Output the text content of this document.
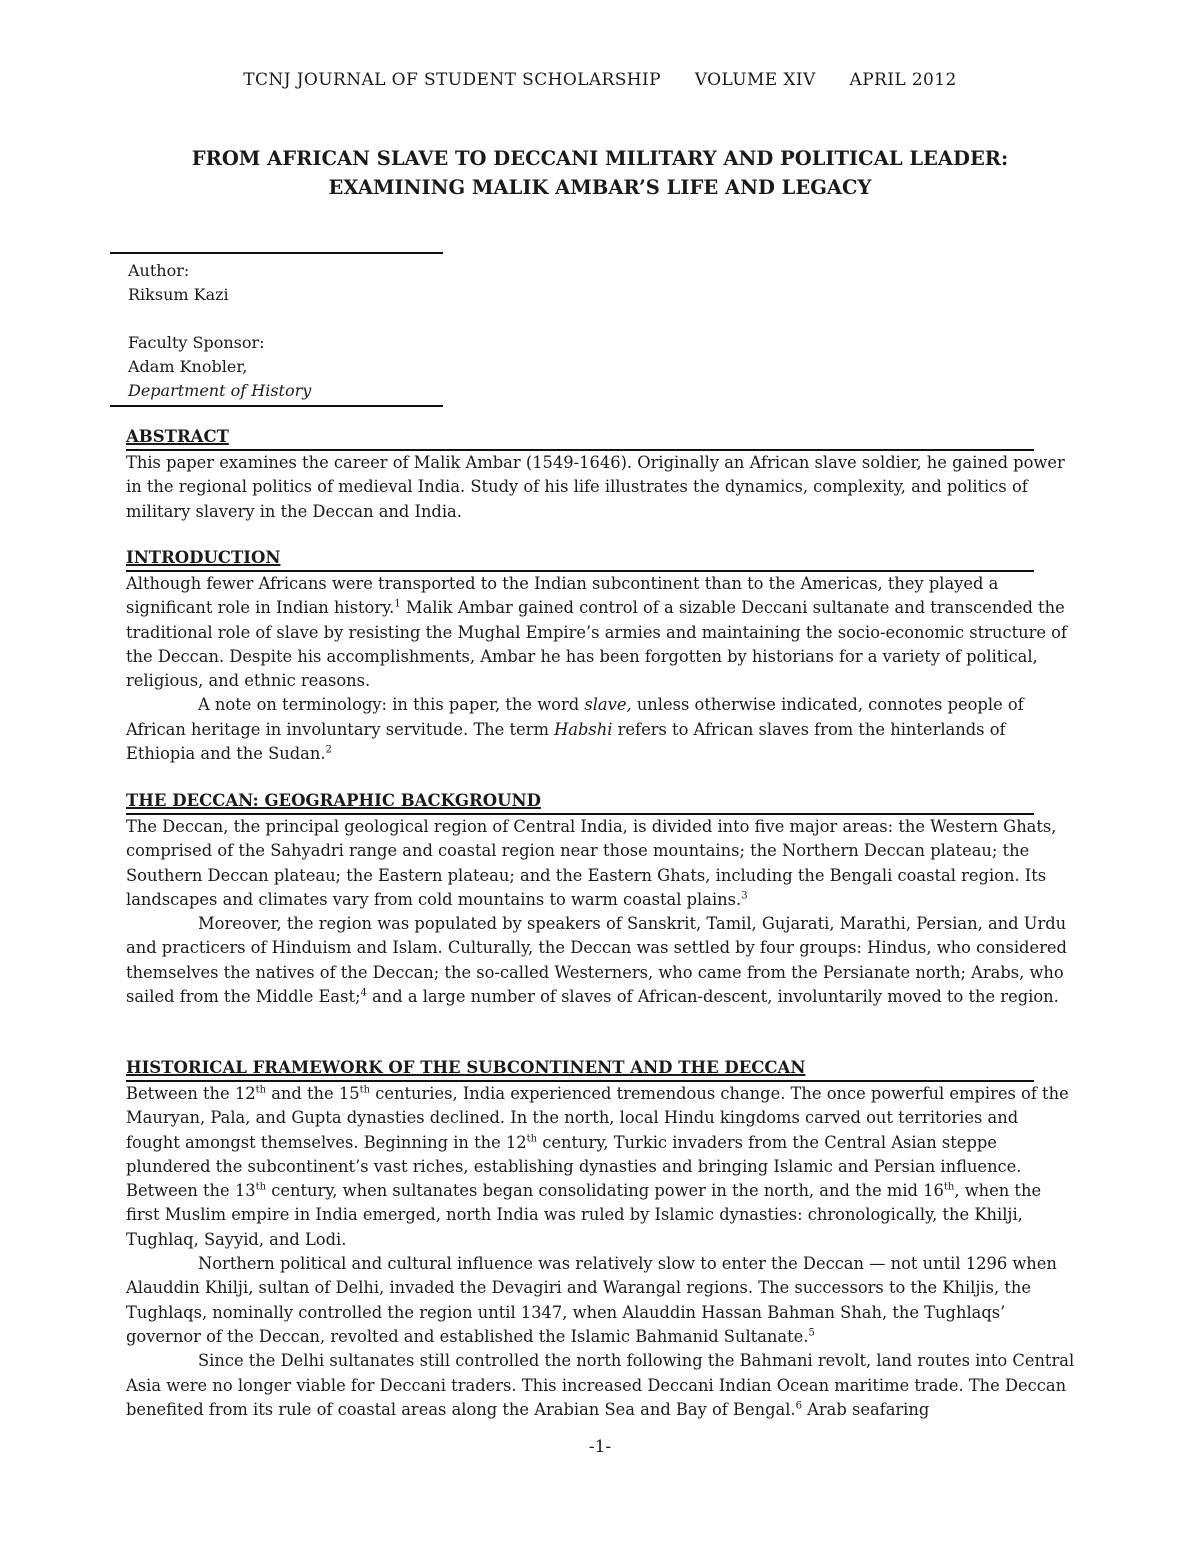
TCNJ JOURNAL OF STUDENT SCHOLARSHIP VOLUME XIV APRIL 2012
FROM AFRICAN SLAVE TO DECCANI MILITARY AND POLITICAL LEADER:
EXAMINING MALIK AMBAR’S LIFE AND LEGACY
Author:
Riksum Kazi
Faculty Sponsor:
Adam Knobler,
Department of History
ABSTRACT

This paper examines the career of Malik Ambar (1549-1646). Originally an African slave soldier, he gained power in the regional politics of medieval India. Study of his life illustrates the dynamics, complexity, and politics of military slavery in the Deccan and India.

INTRODUCTION

Although fewer Africans were transported to the Indian subcontinent than to the Americas, they played a significant role in Indian history.$^1$ Malik Ambar gained control of a sizable Deccani sultanate and transcended the traditional role of slave by resisting the Mughal Empire’s armies and maintaining the socio-economic structure of the Deccan. Despite his accomplishments, Ambar he has been forgotten by historians for a variety of political, religious, and ethnic reasons.

A note on terminology: in this paper, the word slave, unless otherwise indicated, connotes people of African heritage in involuntary servitude. The term Habshi refers to African slaves from the hinterlands of Ethiopia and the Sudan.$^2$

THE DECCAN: GEOGRAPHIC BACKGROUND

The Deccan, the principal geological region of Central India, is divided into five major areas: the Western Ghats, comprised of the Sahyadri range and coastal region near those mountains; the Northern Deccan plateau; the Southern Deccan plateau; the Eastern plateau; and the Eastern Ghats, including the Bengali coastal region. Its landscapes and climates vary from cold mountains to warm coastal plains.$^3$

Moreover, the region was populated by speakers of Sanskrit, Tamil, Gujarati, Marathi, Persian, and Urdu and practicers of Hinduism and Islam. Culturally, the Deccan was settled by four groups: Hindus, who considered themselves the natives of the Deccan; the so-called Westerners, who came from the Persianate north; Arabs, who sailed from the Middle East;$^4$ and a large number of slaves of African-descent, involuntarily moved to the region.

HISTORICAL FRAMEWORK OF THE SUBCONTINENT AND THE DECCAN

Between the 12th and the 15th centuries, India experienced tremendous change. The once powerful empires of the Mauryan, Pala, and Gupta dynasties declined. In the north, local Hindu kingdoms carved out territories and fought amongst themselves. Beginning in the 12th century, Turkic invaders from the Central Asian steppe plundered the subcontinent’s vast riches, establishing dynasties and bringing Islamic and Persian influence. Between the 13th century, when sultanates began consolidating power in the north, and the mid 16th, when the first Muslim empire in India emerged, north India was ruled by Islamic dynasties: chronologically, the Khilji, Tughlaq, Sayyid, and Lodi.

Northern political and cultural influence was relatively slow to enter the Deccan — not until 1296 when Alauddin Khilji, sultan of Delhi, invaded the Devagiri and Warangal regions. The successors to the Khiljis, the Tughlaqs, nominally controlled the region until 1347, when Alauddin Hassan Bahman Shah, the Tughlaqs’ governor of the Deccan, revolted and established the Islamic Bahmanid Sultanate.$^5$

Since the Delhi sultanates still controlled the north following the Bahmani revolt, land routes into Central Asia were no longer viable for Deccani traders. This increased Deccani Indian Ocean maritime trade. The Deccan benefited from its rule of coastal areas along the Arabian Sea and Bay of Bengal.$^6$ Arab seafaring

-1-
